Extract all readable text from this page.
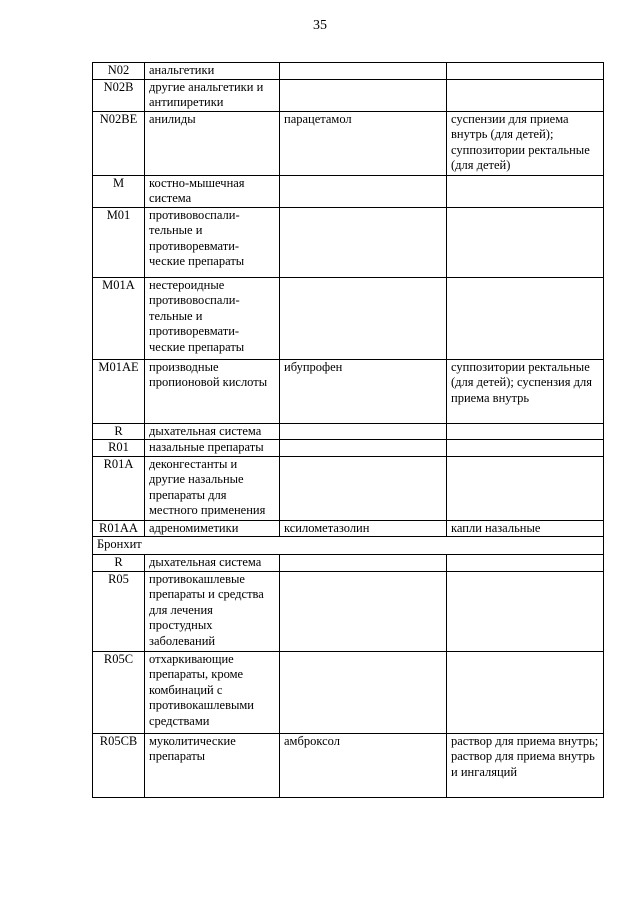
35
N02	анальгетики		
N02B	другие анальгетики и антипиретики		
N02BE	анилиды	парацетамол	суспензии для приема внутрь (для детей); суппозитории ректальные (для детей)
M	костно-мышечная система		
M01	противовоспали-тельные и противоревмати-ческие препараты		
M01A	нестероидные противовоспали-тельные и противоревмати-ческие препараты		
M01AE	производные пропионовой кислоты	ибупрофен	суппозитории ректальные (для детей); суспензия для приема внутрь
R	дыхательная система		
R01	назальные препараты		
R01A	деконгестанты и другие назальные препараты для местного применения		
R01AA	адреномиметики	ксилометазолин	капли назальные
Бронхит			
R	дыхательная система		
R05	противокашлевые препараты и средства для лечения простудных заболеваний		
R05C	отхаркивающие препараты, кроме комбинаций с противокашлевыми средствами		
R05CB	муколитические препараты	амброксол	раствор для приема внутрь; раствор для приема внутрь и ингаляций
